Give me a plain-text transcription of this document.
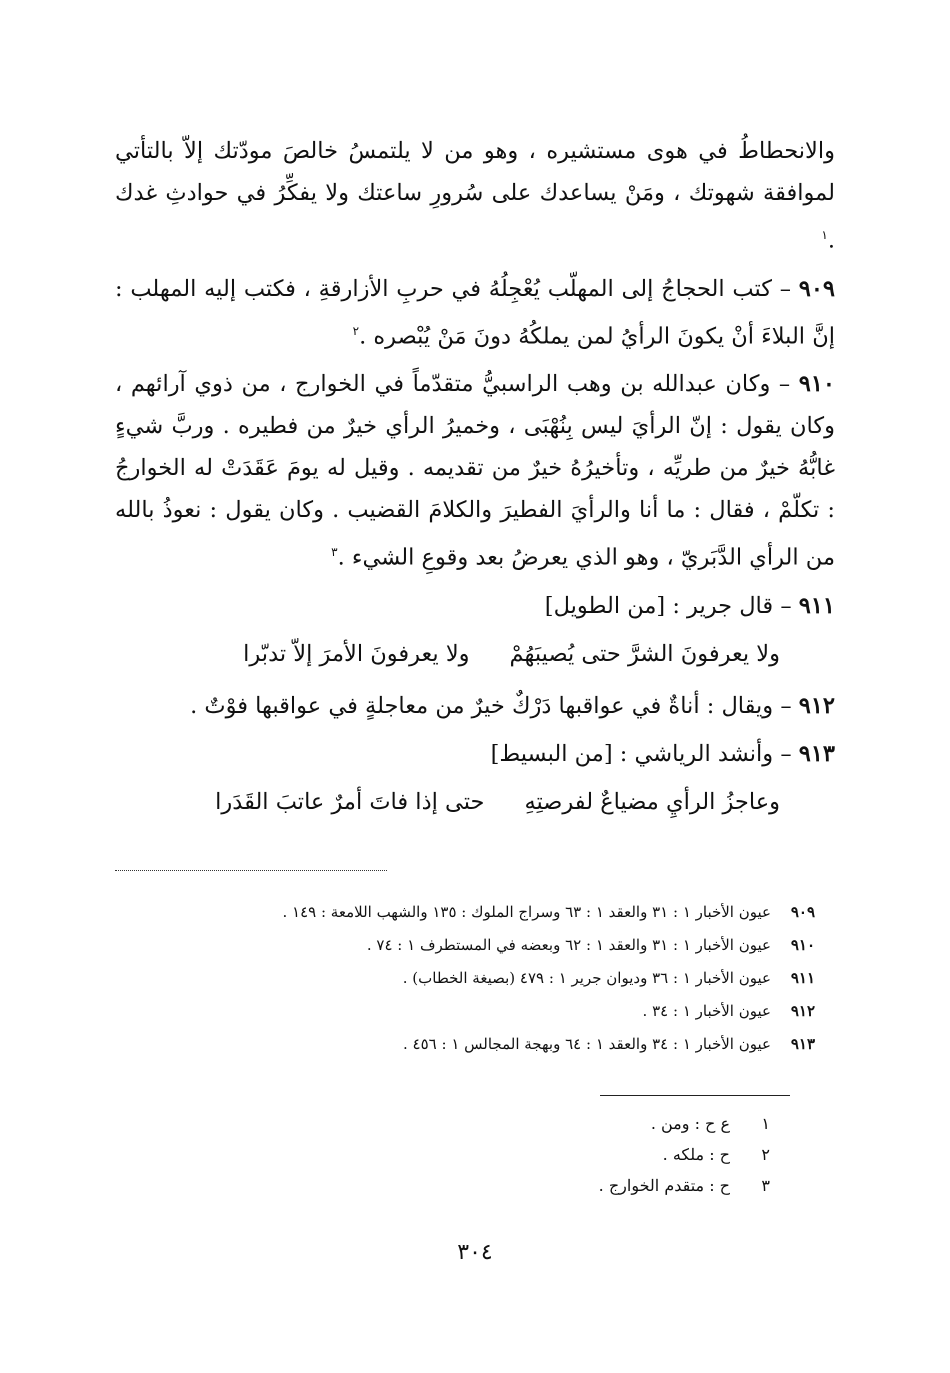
والانحطاطُ في هوى مستشيره ، وهو من لا يلتمسُ خالصَ مودّتك إلاّ بالتأتي لموافقة شهوتك ، ومَنْ يساعدك على سُرورِ ساعتك ولا يفكِّرُ في حوادثِ غدك .$^١$

٩٠٩ – كتب الحجاجُ إلى المهلّب يُعْجِلُهُ في حربِ الأزارقةِ ، فكتب إليه المهلب : إنَّ البلاءَ أنْ يكونَ الرأيُ لمن يملكُهُ دونَ مَنْ يُبْصره .$^٢$

٩١٠ – وكان عبدالله بن وهب الراسبيُّ متقدّماً في الخوارج ، من ذوي آرائهم ، وكان يقول : إنّ الرأيَ ليس بِنُهْبَى ، وخميرُ الرأي خيرٌ من فطيره . وربَّ شيءٍ غابُّهُ خيرٌ من طريِّه ، وتأخيرُهُ خيرٌ من تقديمه . وقيل له يومَ عَقَدَتْ له الخوارجُ : تكلّمْ ، فقال : ما أنا والرأيَ الفطيرَ والكلامَ القضيب . وكان يقول : نعوذُ بالله من الرأي الدَّبَريّ ، وهو الذي يعرضُ بعد وقوعِ الشيء .$^٣$

٩١١ – قال جرير : [من الطويل]

ولا يعرفونَ الشرَّ حتى يُصيبَهُمْولا يعرفونَ الأمرَ إلاّ تدبّرا

٩١٢ – ويقال : أناةٌ في عواقبها دَرْكٌ خيرٌ من معاجلةٍ في عواقبها فوْتٌ .

٩١٣ – وأنشد الرياشي : [من البسيط]

وعاجزُ الرأيِ مضياعٌ لفرصتِهِحتى إذا فاتَ أمرٌ عاتبَ القَدَرا
٩٠٩عيون الأخبار ١ : ٣١ والعقد ١ : ٦٣ وسراج الملوك : ١٣٥ والشهب اللامعة : ١٤٩ .
٩١٠عيون الأخبار ١ : ٣١ والعقد ١ : ٦٢ وبعضه في المستطرف ١ : ٧٤ .
٩١١عيون الأخبار ١ : ٣٦ وديوان جرير ١ : ٤٧٩ (بصيغة الخطاب) .
٩١٢عيون الأخبار ١ : ٣٤ .
٩١٣عيون الأخبار ١ : ٣٤ والعقد ١ : ٦٤ وبهجة المجالس ١ : ٤٥٦ .
١ع ح : ومن .
٢ح : ملكه .
٣ح : متقدم الخوارج .
٣٠٤
